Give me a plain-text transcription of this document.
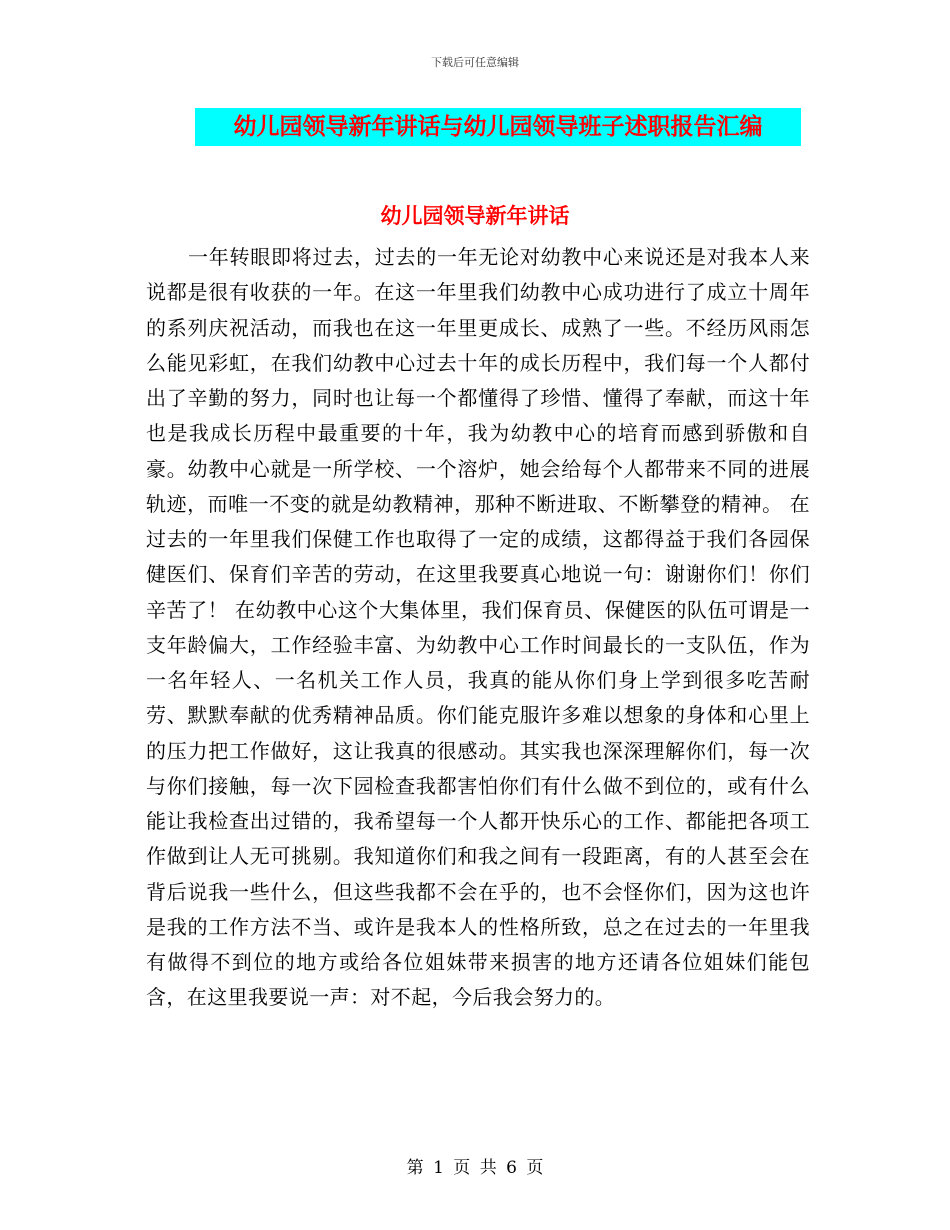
下载后可任意编辑
幼儿园领导新年讲话与幼儿园领导班子述职报告汇编
幼儿园领导新年讲话

一年转眼即将过去，过去的一年无论对幼教中心来说还是对我本人来说都是很有收获的一年。在这一年里我们幼教中心成功进行了成立十周年的系列庆祝活动，而我也在这一年里更成长、成熟了一些。不经历风雨怎么能见彩虹，在我们幼教中心过去十年的成长历程中，我们每一个人都付出了辛勤的努力，同时也让每一个都懂得了珍惜、懂得了奉献，而这十年也是我成长历程中最重要的十年，我为幼教中心的培育而感到骄傲和自豪。幼教中心就是一所学校、一个溶炉，她会给每个人都带来不同的进展轨迹，而唯一不变的就是幼教精神，那种不断进取、不断攀登的精神。 在过去的一年里我们保健工作也取得了一定的成绩，这都得益于我们各园保健医们、保育们辛苦的劳动，在这里我要真心地说一句：谢谢你们！你们辛苦了！ 在幼教中心这个大集体里，我们保育员、保健医的队伍可谓是一支年龄偏大，工作经验丰富、为幼教中心工作时间最长的一支队伍，作为一名年轻人、一名机关工作人员，我真的能从你们身上学到很多吃苦耐劳、默默奉献的优秀精神品质。你们能克服许多难以想象的身体和心里上的压力把工作做好，这让我真的很感动。其实我也深深理解你们，每一次与你们接触，每一次下园检查我都害怕你们有什么做不到位的，或有什么能让我检查出过错的，我希望每一个人都开快乐心的工作、都能把各项工作做到让人无可挑剔。我知道你们和我之间有一段距离，有的人甚至会在背后说我一些什么，但这些我都不会在乎的，也不会怪你们，因为这也许是我的工作方法不当、或许是我本人的性格所致，总之在过去的一年里我有做得不到位的地方或给各位姐妹带来损害的地方还请各位姐妹们能包含，在这里我要说一声：对不起，今后我会努力的。

第 1 页 共 6 页
